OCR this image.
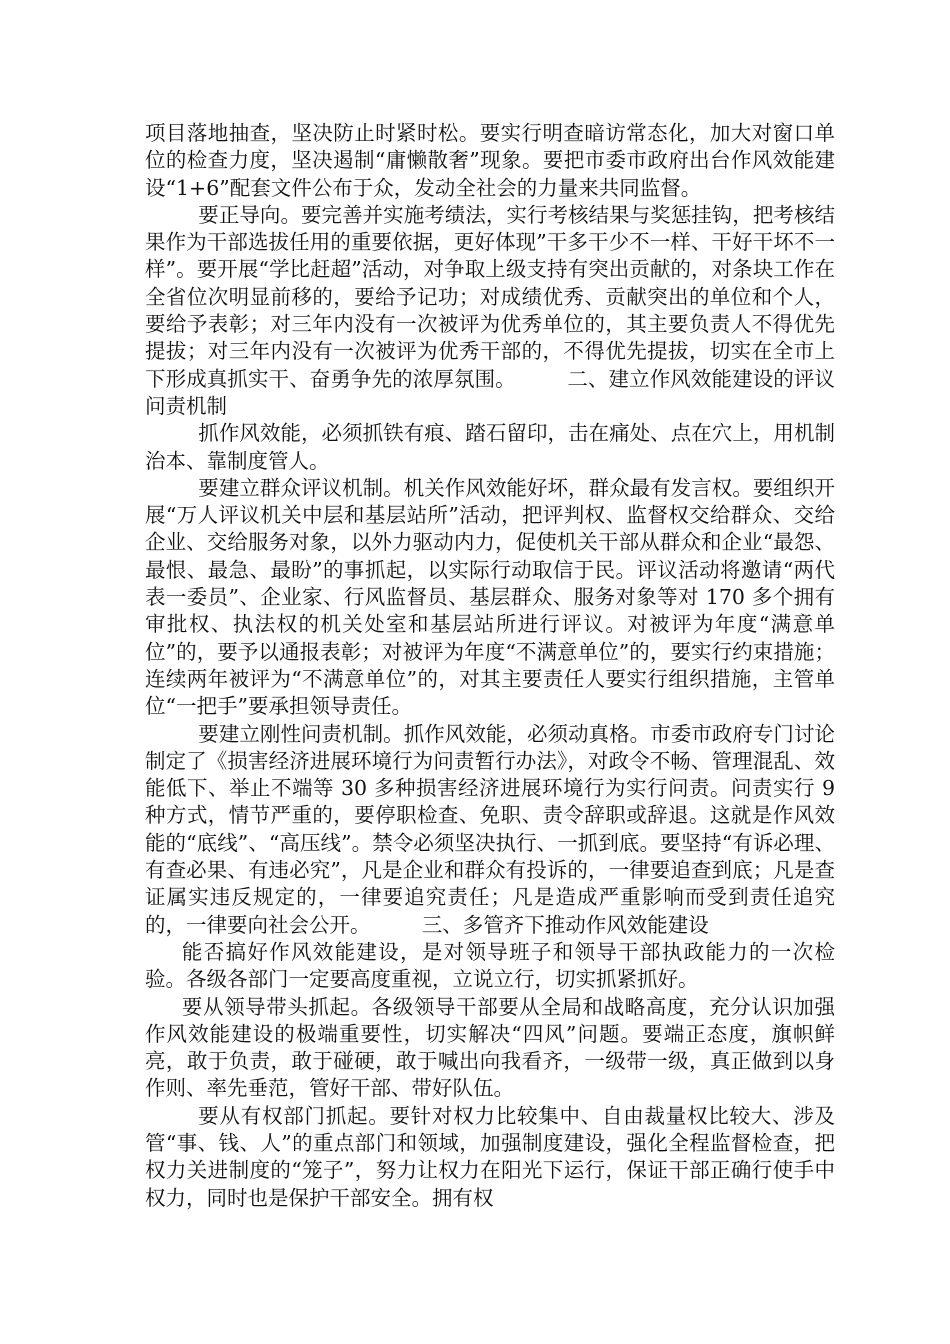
项目落地抽查，坚决防止时紧时松。要实行明查暗访常态化，加大对窗口单位的检查力度，坚决遏制“庸懒散奢”现象。要把市委市政府出台作风效能建设“1+6”配套文件公布于众，发动全社会的力量来共同监督。

要正导向。要完善并实施考绩法，实行考核结果与奖惩挂钩，把考核结果作为干部选拔任用的重要依据，更好体现”干多干少不一样、干好干坏不一样”。要开展“学比赶超”活动，对争取上级支持有突出贡献的，对条块工作在全省位次明显前移的，要给予记功；对成绩优秀、贡献突出的单位和个人，要给予表彰；对三年内没有一次被评为优秀单位的，其主要负责人不得优先提拔；对三年内没有一次被评为优秀干部的，不得优先提拔，切实在全市上下形成真抓实干、奋勇争先的浓厚氛围。　　　二、建立作风效能建设的评议问责机制

抓作风效能，必须抓铁有痕、踏石留印，击在痛处、点在穴上，用机制治本、靠制度管人。

要建立群众评议机制。机关作风效能好坏，群众最有发言权。要组织开展“万人评议机关中层和基层站所”活动，把评判权、监督权交给群众、交给企业、交给服务对象，以外力驱动内力，促使机关干部从群众和企业“最怨、最恨、最急、最盼”的事抓起，以实际行动取信于民。评议活动将邀请“两代表一委员”、企业家、行风监督员、基层群众、服务对象等对 170 多个拥有审批权、执法权的机关处室和基层站所进行评议。对被评为年度“满意单位”的，要予以通报表彰；对被评为年度“不满意单位”的，要实行约束措施；连续两年被评为“不满意单位”的，对其主要责任人要实行组织措施，主管单位“一把手”要承担领导责任。

要建立刚性问责机制。抓作风效能，必须动真格。市委市政府专门讨论制定了《损害经济进展环境行为问责暂行办法》，对政令不畅、管理混乱、效能低下、举止不端等 30 多种损害经济进展环境行为实行问责。问责实行 9 种方式，情节严重的，要停职检查、免职、责令辞职或辞退。这就是作风效能的“底线”、“高压线”。禁令必须坚决执行、一抓到底。要坚持“有诉必理、有查必果、有违必究”，凡是企业和群众有投诉的，一律要追查到底；凡是查证属实违反规定的，一律要追究责任；凡是造成严重影响而受到责任追究的，一律要向社会公开。　　　三、多管齐下推动作风效能建设

能否搞好作风效能建设，是对领导班子和领导干部执政能力的一次检验。各级各部门一定要高度重视，立说立行，切实抓紧抓好。

要从领导带头抓起。各级领导干部要从全局和战略高度，充分认识加强作风效能建设的极端重要性，切实解决“四风”问题。要端正态度，旗帜鲜亮，敢于负责，敢于碰硬，敢于喊出向我看齐，一级带一级，真正做到以身作则、率先垂范，管好干部、带好队伍。

要从有权部门抓起。要针对权力比较集中、自由裁量权比较大、涉及管“事、钱、人”的重点部门和领域，加强制度建设，强化全程监督检查，把权力关进制度的“笼子”，努力让权力在阳光下运行，保证干部正确行使手中权力，同时也是保护干部安全。拥有权
